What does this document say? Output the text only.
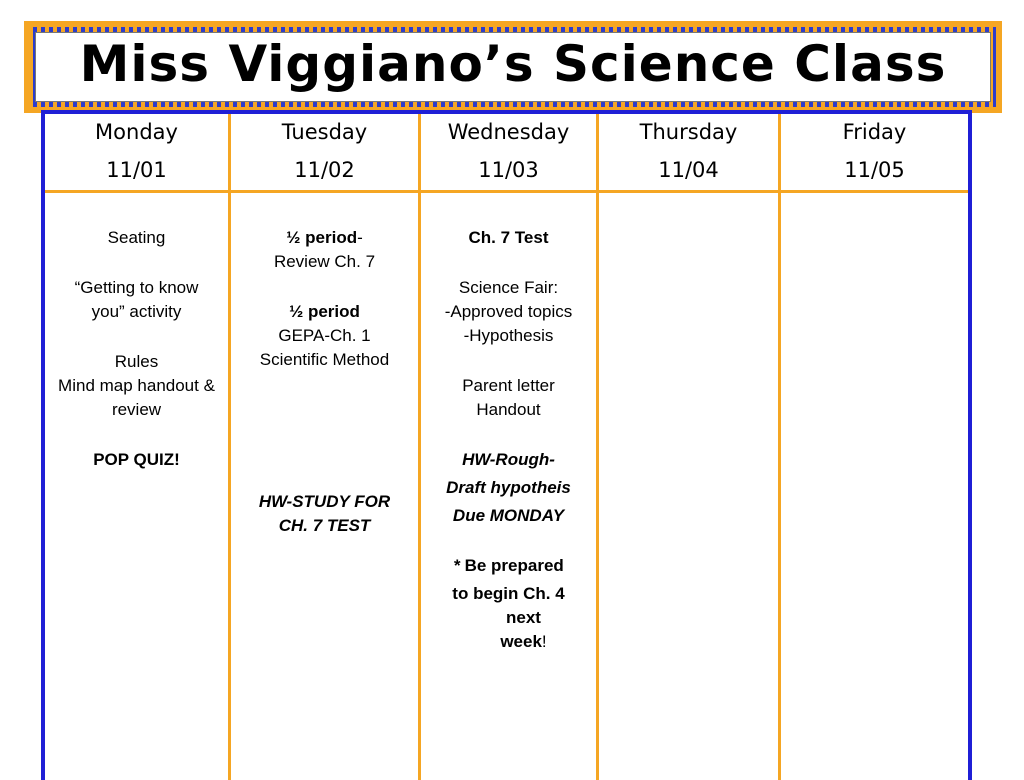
Miss Viggiano’s Science Class
Monday
11/01

Seating

“Getting to know you” activity

Rules

Mind map handout & review

POP QUIZ!

Tuesday
11/02

½ period-

Review Ch. 7

½ period

GEPA-Ch. 1

Scientific Method

HW-STUDY FOR CH. 7 TEST

Wednesday
11/03

Ch. 7 Test

Science Fair:

-Approved topics

-Hypothesis

Parent letter

Handout

HW-Rough-

Draft hypotheis

Due MONDAY

* Be prepared

to begin Ch. 4

next

week!

Thursday
11/04
Friday
11/05
